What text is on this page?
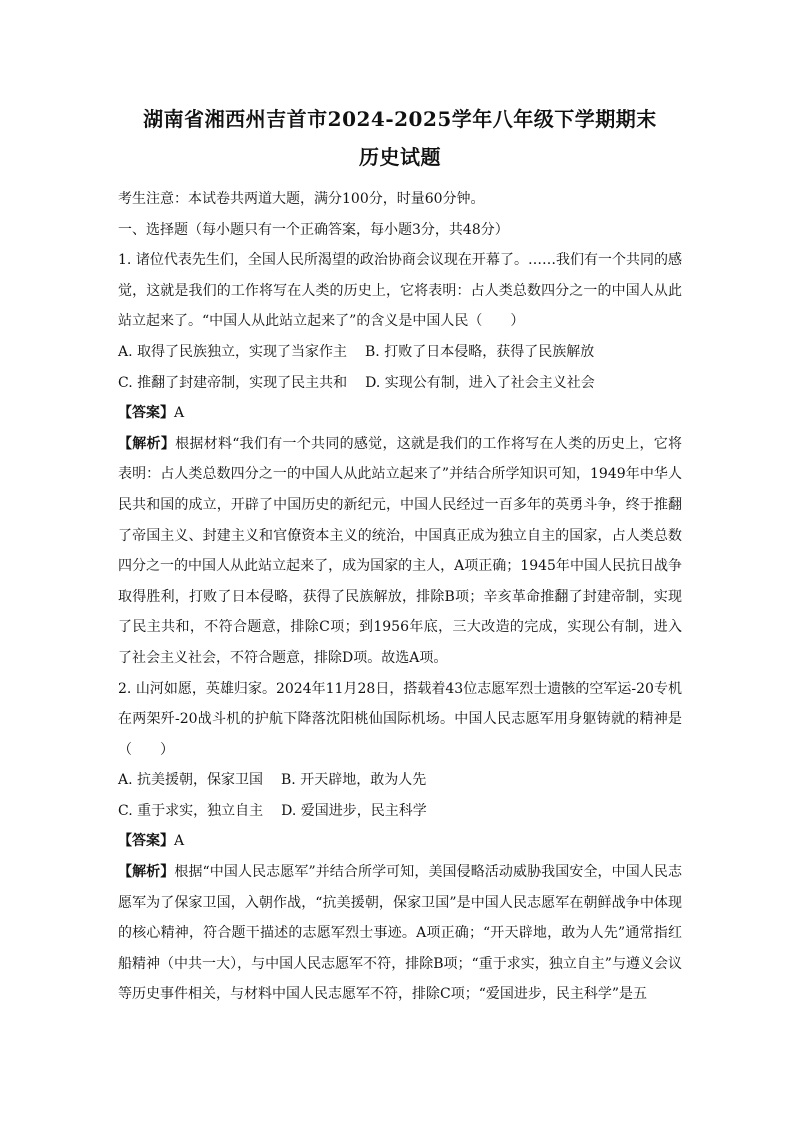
湖南省湘西州吉首市2024-2025学年八年级下学期期末
历史试题

考生注意：本试卷共两道大题，满分100分，时量60分钟。

一、选择题（每小题只有一个正确答案，每小题3分，共48分）

1. 诸位代表先生们，全国人民所渴望的政治协商会议现在开幕了。……我们有一个共同的感觉，这就是我们的工作将写在人类的历史上，它将表明：占人类总数四分之一的中国人从此站立起来了。“中国人从此站立起来了”的含义是中国人民（　　）

A. 取得了民族独立，实现了当家作主 B. 打败了日本侵略，获得了民族解放

C. 推翻了封建帝制，实现了民主共和 D. 实现公有制，进入了社会主义社会

【答案】A

【解析】根据材料“我们有一个共同的感觉，这就是我们的工作将写在人类的历史上，它将表明：占人类总数四分之一的中国人从此站立起来了”并结合所学知识可知，1949年中华人民共和国的成立，开辟了中国历史的新纪元，中国人民经过一百多年的英勇斗争，终于推翻了帝国主义、封建主义和官僚资本主义的统治，中国真正成为独立自主的国家，占人类总数四分之一的中国人从此站立起来了，成为国家的主人，A项正确；1945年中国人民抗日战争取得胜利，打败了日本侵略，获得了民族解放，排除B项；辛亥革命推翻了封建帝制，实现了民主共和，不符合题意，排除C项；到1956年底，三大改造的完成，实现公有制，进入了社会主义社会，不符合题意，排除D项。故选A项。

2. 山河如愿，英雄归家。2024年11月28日，搭载着43位志愿军烈士遗骸的空军运-20专机在两架歼-20战斗机的护航下降落沈阳桃仙国际机场。中国人民志愿军用身躯铸就的精神是（　　）

A. 抗美援朝，保家卫国 B. 开天辟地，敢为人先

C. 重于求实，独立自主 D. 爱国进步，民主科学

【答案】A

【解析】根据“中国人民志愿军”并结合所学可知，美国侵略活动威胁我国安全，中国人民志愿军为了保家卫国，入朝作战，“抗美援朝，保家卫国”是中国人民志愿军在朝鲜战争中体现的核心精神，符合题干描述的志愿军烈士事迹。A项正确；“开天辟地，敢为人先”通常指红船精神（中共一大），与中国人民志愿军不符，排除B项；“重于求实，独立自主”与遵义会议等历史事件相关，与材料中国人民志愿军不符，排除C项；“爱国进步，民主科学”是五
